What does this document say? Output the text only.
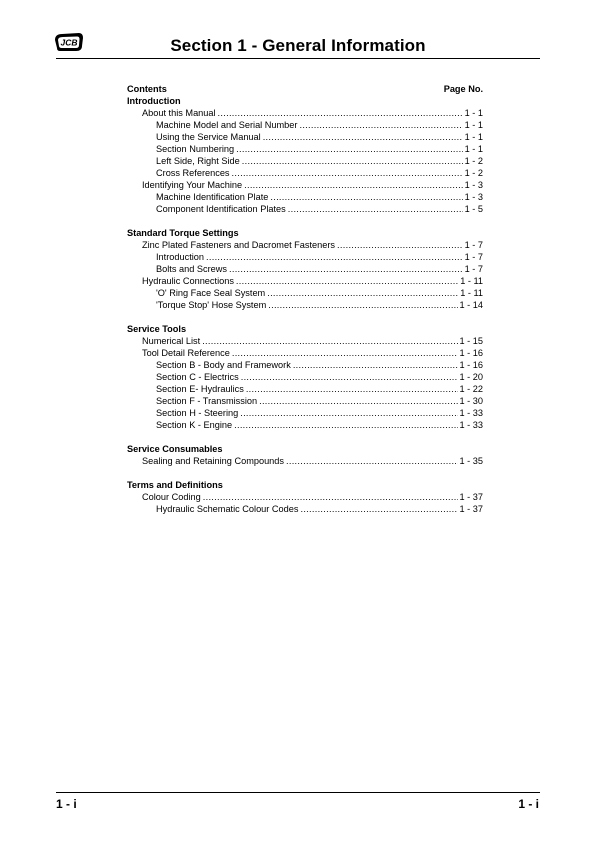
JCB	Section 1 - General Information
Contents	Page No.
Introduction
About this Manual .....	1 - 1
Machine Model and Serial Number .....	1 - 1
Using the Service Manual .....	1 - 1
Section Numbering .....	1 - 1
Left Side, Right Side .....	1 - 2
Cross References .....	1 - 2
Identifying Your Machine .....	1 - 3
Machine Identification Plate .....	1 - 3
Component Identification Plates .....	1 - 5
Standard Torque Settings
Zinc Plated Fasteners and Dacromet Fasteners .....	1 - 7
Introduction .....	1 - 7
Bolts and Screws .....	1 - 7
Hydraulic Connections .....	1 - 11
'O' Ring Face Seal System .....	1 - 11
'Torque Stop' Hose System .....	1 - 14
Service Tools
Numerical List .....	1 - 15
Tool Detail Reference .....	1 - 16
Section B - Body and Framework .....	1 - 16
Section C - Electrics .....	1 - 20
Section E- Hydraulics .....	1 - 22
Section F - Transmission .....	1 - 30
Section H - Steering .....	1 - 33
Section K - Engine .....	1 - 33
Service Consumables
Sealing and Retaining Compounds .....	1 - 35
Terms and Definitions
Colour Coding .....	1 - 37
Hydraulic Schematic Colour Codes .....	1 - 37
1 - i	1 - i
